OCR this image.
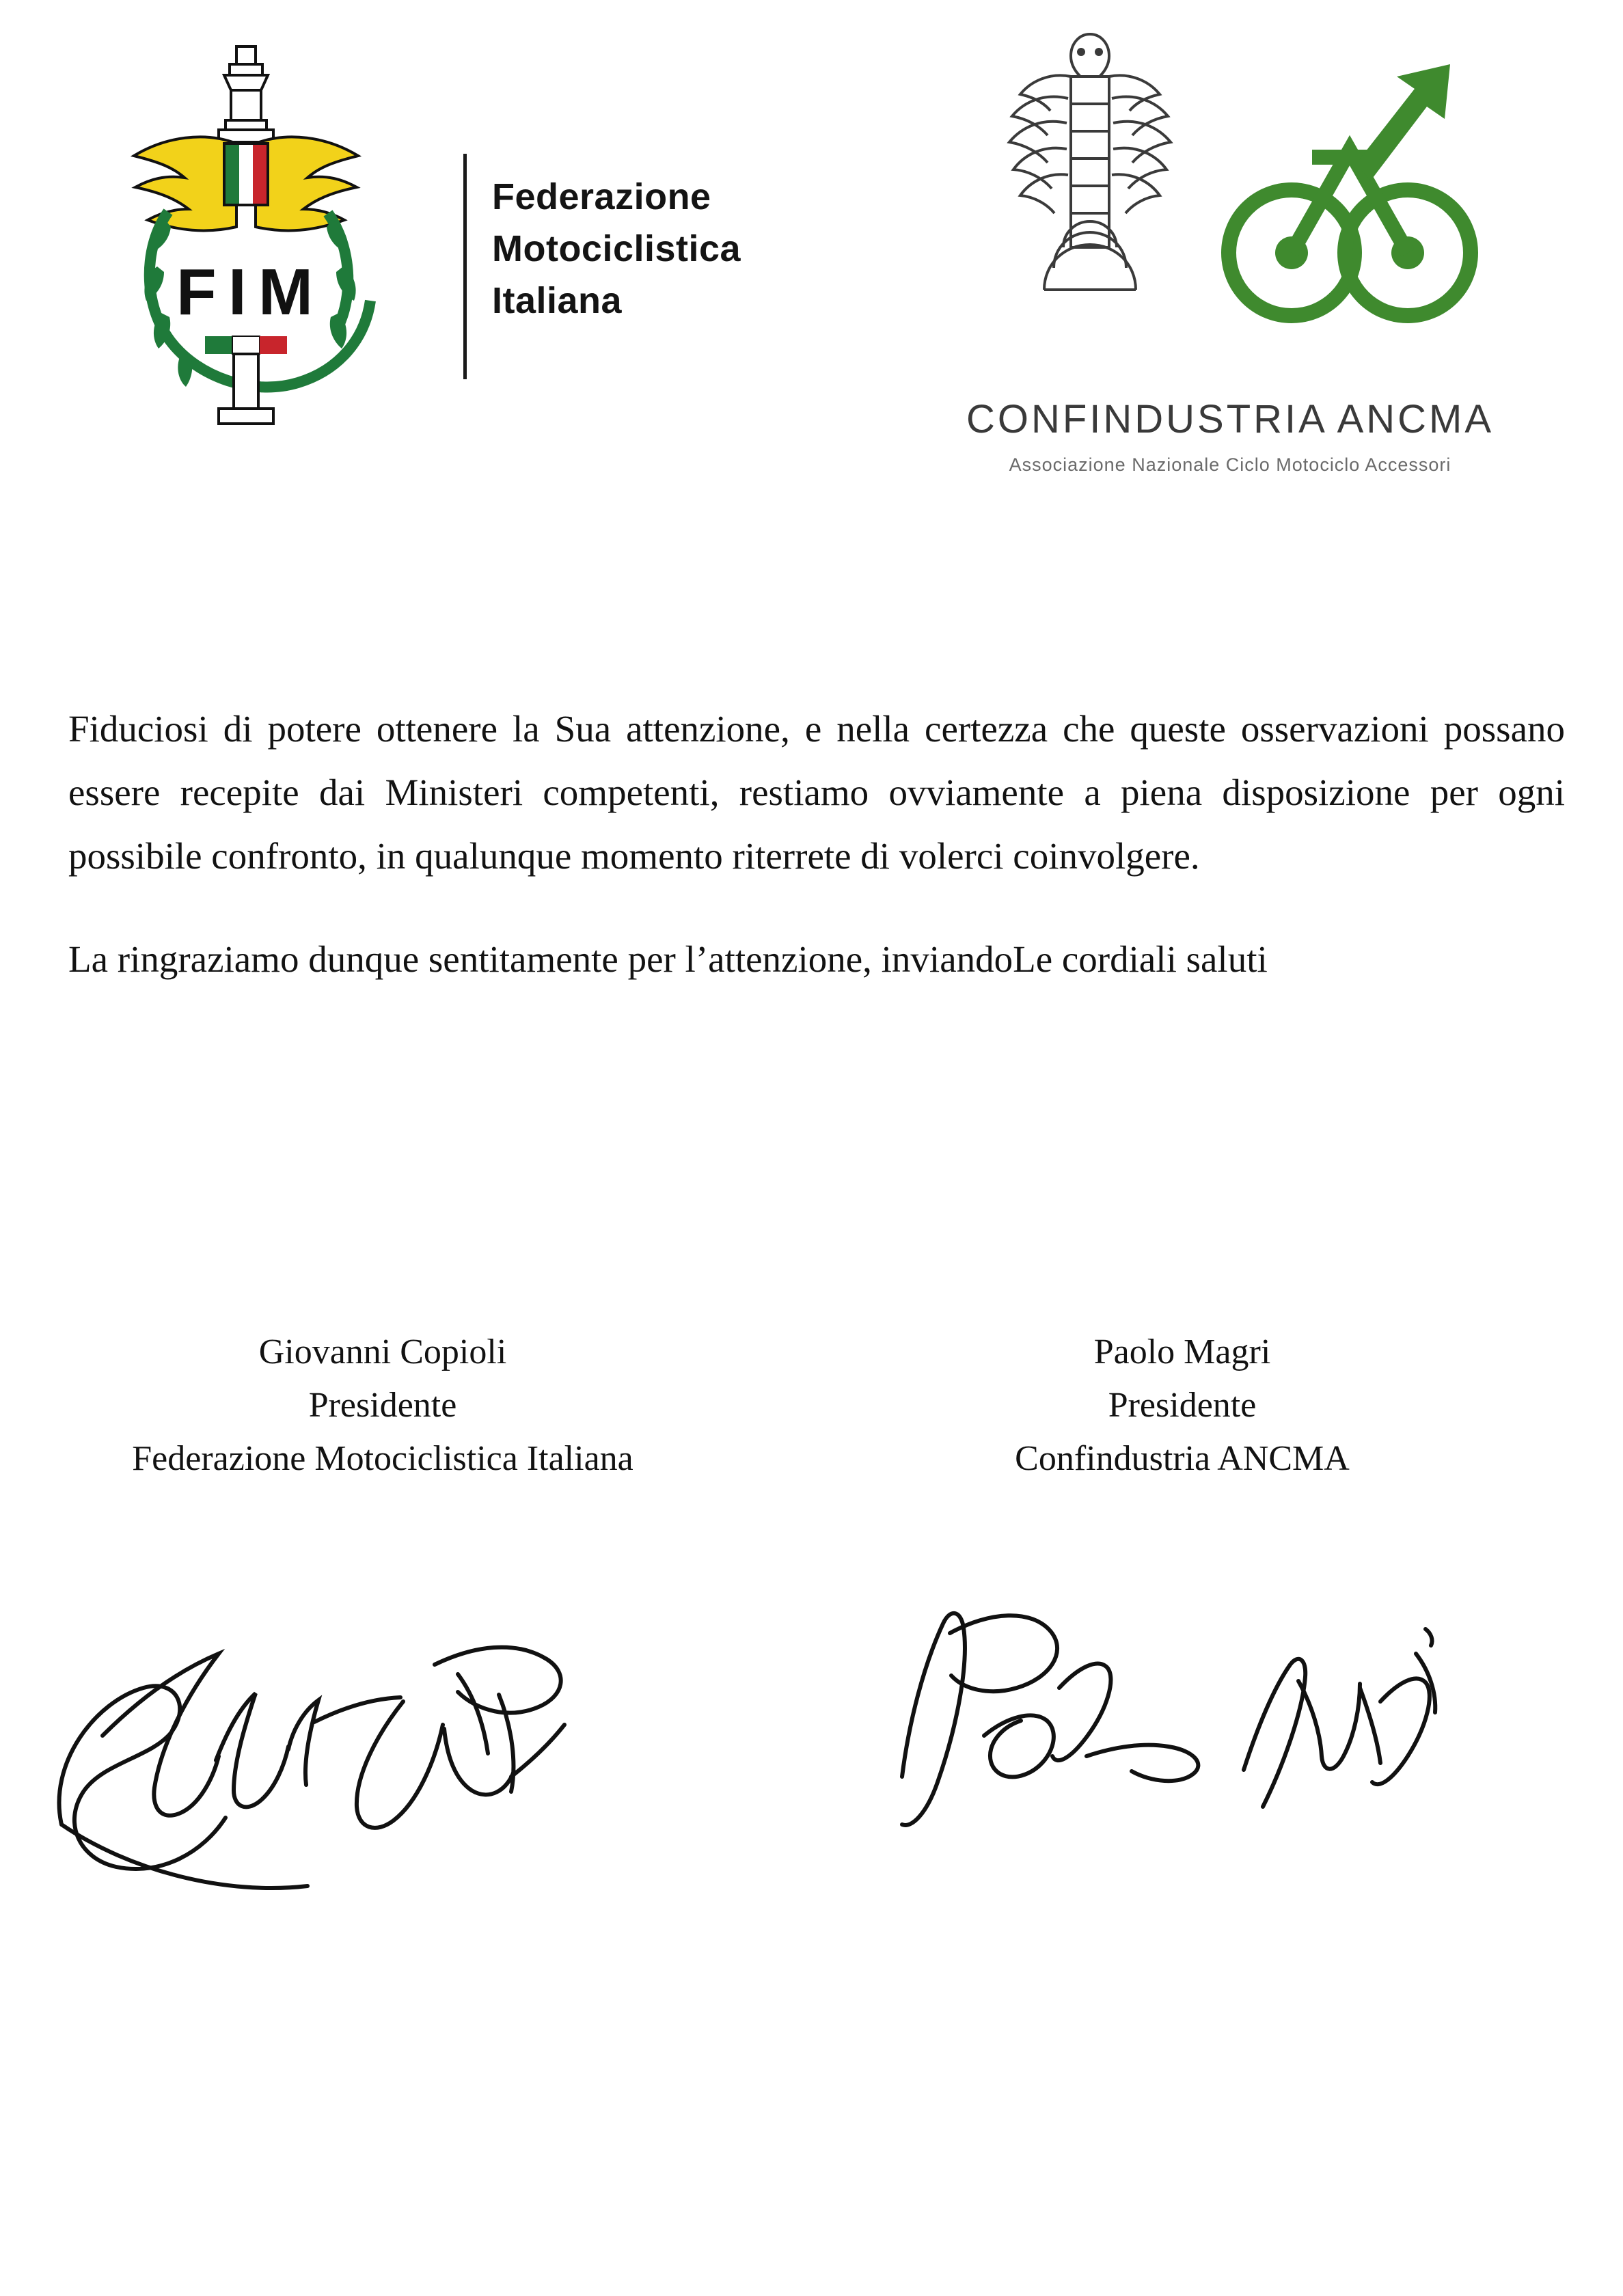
F I M
Federazione
Motociclistica
Italiana
CONFINDUSTRIA ANCMA
Associazione Nazionale Ciclo Motociclo Accessori

Fiduciosi di potere ottenere la Sua attenzione, e nella certezza che queste osservazioni possano essere recepite dai Ministeri competenti, restiamo ovviamente a piena disposizione per ogni possibile confronto, in qualunque momento riterrete di volerci coinvolgere.

La ringraziamo dunque sentitamente per l’attenzione, inviandoLe cordiali saluti

Giovanni Copioli
Presidente
Federazione Motociclistica Italiana
Paolo Magri
Presidente
Confindustria ANCMA
